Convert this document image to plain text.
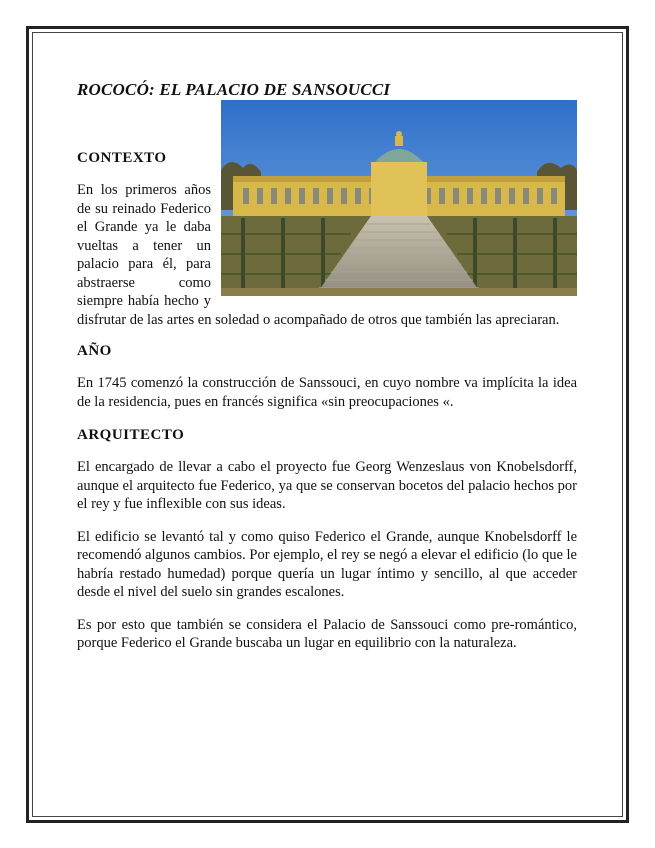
ROCOCÓ: EL PALACIO DE SANSOUCCI
CONTEXTO

En los primeros años de su reinado Federico el Grande ya le daba vueltas a tener un palacio para él, para abstraerse como siempre había hecho y disfrutar de las artes en soledad o acompañado de otros que también las apreciaran.

AÑO

En 1745 comenzó la construcción de Sanssouci, en cuyo nombre va implícita la idea de la residencia, pues en francés significa «sin preocupaciones «.

ARQUITECTO

El encargado de llevar a cabo el proyecto fue Georg Wenzeslaus von Knobelsdorff, aunque el arquitecto fue Federico, ya que se conservan bocetos del palacio hechos por el rey y fue inflexible con sus ideas.

El edificio se levantó tal y como quiso Federico el Grande, aunque Knobelsdorff le recomendó algunos cambios. Por ejemplo, el rey se negó a elevar el edificio (lo que le habría restado humedad) porque quería un lugar íntimo y sencillo, al que acceder desde el nivel del suelo sin grandes escalones.

Es por esto que también se considera el Palacio de Sanssouci como pre-romántico, porque Federico el Grande buscaba un lugar en equilibrio con la naturaleza.
